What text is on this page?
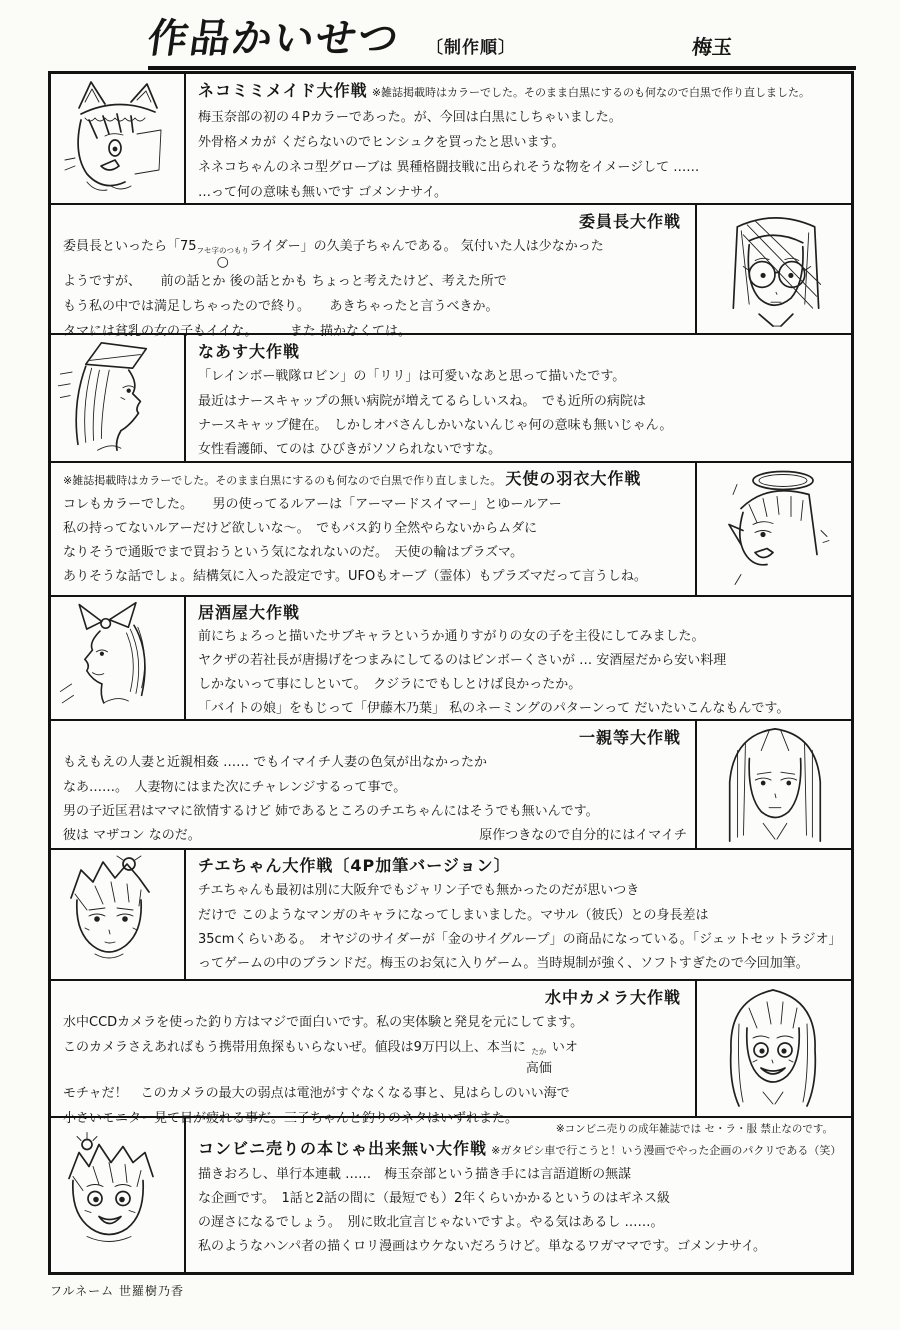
作品かいせつ 〔制作順〕	梅玉
ネコミミメイド大作戦 ※雑誌掲載時はカラーでした。そのまま白黒にするのも何なので白黒で作り直しました。
梅玉奈部の初の４Pカラーであった。が、今回は白黒にしちゃいました。
外骨格メカが くだらないのでヒンシュクを買ったと思います。
ネネコちゃんのネコ型グローブは 異種格闘技戦に出られそうな物をイメージして ……
…って何の意味も無いです ゴメンナサイ。
委員長大作戦
委員長といったら「75 フセ字のつもり
○
ライダー」の久美子ちゃんである。 気付いた人は少なかった
ようですが、　　前の話とか 後の話とかも ちょっと考えたけど、考えた所で
もう私の中では満足しちゃったので終り。　　あきちゃったと言うべきか。
タマには貧乳の女の子もイイな。　　　また 描かなくては。
なあす大作戦
「レインボー戦隊ロビン」の「リリ」は可愛いなあと思って描いたです。
最近はナースキャップの無い病院が増えてるらしいスね。　でも近所の病院は
ナースキャップ健在。　しかしオバさんしかいないんじゃ何の意味も無いじゃん。
女性看護師、てのは ひびきがソソられないですな。
※雑誌掲載時はカラーでした。そのまま白黒にするのも何なので白黒で作り直しました。 天使の羽衣大作戦
コレもカラーでした。　　男の使ってるルアーは「アーマードスイマー」とゆールアー
私の持ってないルアーだけど欲しいな〜。　でもバス釣り全然やらないからムダに
なりそうで通販でまで買おうという気になれないのだ。　天使の輪はプラズマ。
ありそうな話でしょ。結構気に入った設定です。UFOもオーブ（霊体）もプラズマだって言うしね。
居酒屋大作戦
前にちょろっと描いたサブキャラというか通りすがりの女の子を主役にしてみました。
ヤクザの若社長が唐揚げをつまみにしてるのはビンボーくさいが … 安酒屋だから安い料理
しかないって事にしといて。　クジラにでもしとけば良かったか。
「バイトの娘」をもじって「伊藤木乃葉」 私のネーミングのパターンって だいたいこんなもんです。
一親等大作戦
もえもえの人妻と近親相姦 …… でもイマイチ人妻の色気が出なかったか
なあ……。　人妻物にはまた次にチャレンジするって事で。
男の子近匡君はママに欲情するけど 姉であるところのチエちゃんにはそうでも無いんです。
彼は マザコン なのだ。	原作つきなので自分的にはイマイチ
チエちゃん大作戦〔4P加筆バージョン〕
チエちゃんも最初は別に大阪弁でもジャリン子でも無かったのだが思いつき
だけで このようなマンガのキャラになってしまいました。マサル（彼氏）との身長差は
35cmくらいある。　オヤジのサイダーが「金のサイグループ」の商品になっている。「ジェットセットラジオ」
ってゲームの中のブランドだ。梅玉のお気に入りゲーム。当時規制が強く、ソフトすぎたので今回加筆。
水中カメラ大作戦
水中CCDカメラを使った釣り方はマジで面白いです。私の実体験と発見を元にしてます。
このカメラさえあればもう携帯用魚探もいらないぜ。値段は9万円以上、本当に たか
高価
いオ
モチャだ！　このカメラの最大の弱点は電池がすぐなくなる事と、見はらしのいい海で
小さいモニター見て目が疲れる事だ。三子ちゃんと釣りのネタはいずれまた。
※コンビニ売りの成年雑誌では セ・ラ・服 禁止なのです。
コンビニ売りの本じゃ出来無い大作戦 ※ガタピシ車で行こうと！いう漫画でやった企画のパクリである（笑）
描きおろし、単行本連載 ……　梅玉奈部という描き手には言語道断の無謀
な企画です。　1話と2話の間に（最短でも）2年くらいかかるというのはギネス級
の遅さになるでしょう。　別に敗北宣言じゃないですよ。やる気はあるし ……。
私のようなハンパ者の描くロリ漫画はウケないだろうけど。単なるワガママです。ゴメンナサイ。
フルネーム 世羅樹乃香
